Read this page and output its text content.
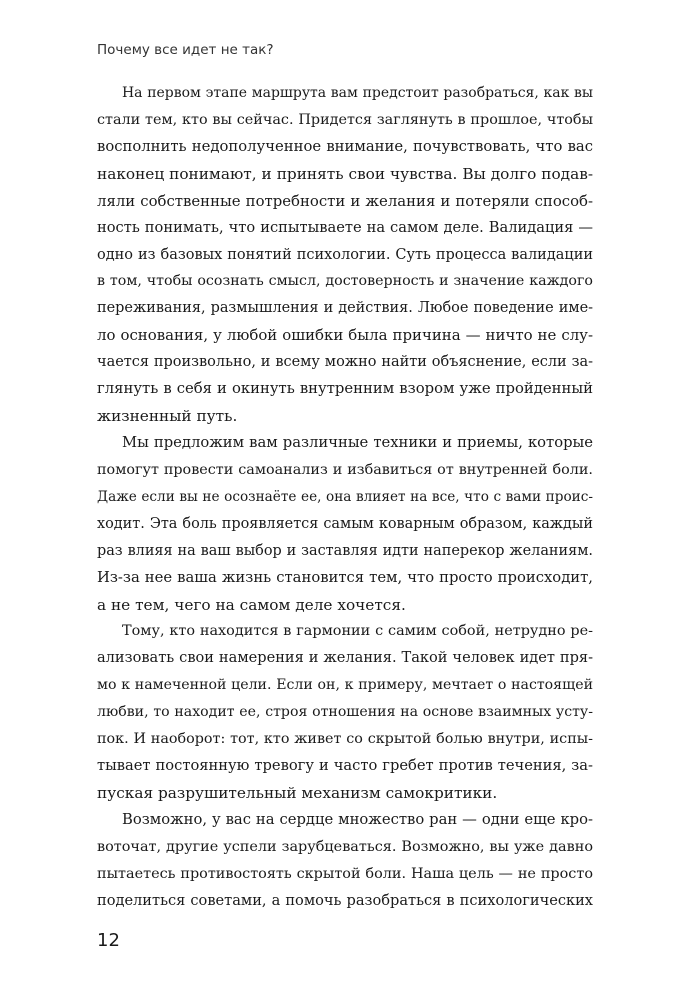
Почему все идет не так?
На первом этапе маршрута вам предстоит разобраться, как вы
стали тем, кто вы сейчас. Придется заглянуть в прошлое, чтобы
восполнить недополученное внимание, почувствовать, что вас
наконец понимают, и принять свои чувства. Вы долго подав-
ляли собственные потребности и желания и потеряли способ-
ность понимать, что испытываете на самом деле. Валидация —
одно из базовых понятий психологии. Суть процесса валидации
в том, чтобы осознать смысл, достоверность и значение каждого
переживания, размышления и действия. Любое поведение име-
ло основания, у любой ошибки была причина — ничто не слу-
чается произвольно, и всему можно найти объяснение, если за-
глянуть в себя и окинуть внутренним взором уже пройденный
жизненный путь.
Мы предложим вам различные техники и приемы, которые
помогут провести самоанализ и избавиться от внутренней боли.
Даже если вы не осознаёте ее, она влияет на все, что с вами проис-
ходит. Эта боль проявляется самым коварным образом, каждый
раз влияя на ваш выбор и заставляя идти наперекор желаниям.
Из-за нее ваша жизнь становится тем, что просто происходит,
а не тем, чего на самом деле хочется.
Тому, кто находится в гармонии с самим собой, нетрудно ре-
ализовать свои намерения и желания. Такой человек идет пря-
мо к намеченной цели. Если он, к примеру, мечтает о настоящей
любви, то находит ее, строя отношения на основе взаимных усту-
пок. И наоборот: тот, кто живет со скрытой болью внутри, испы-
тывает постоянную тревогу и часто гребет против течения, за-
пуская разрушительный механизм самокритики.
Возможно, у вас на сердце множество ран — одни еще кро-
воточат, другие успели зарубцеваться. Возможно, вы уже давно
пытаетесь противостоять скрытой боли. Наша цель — не просто
поделиться советами, а помочь разобраться в психологических
12
